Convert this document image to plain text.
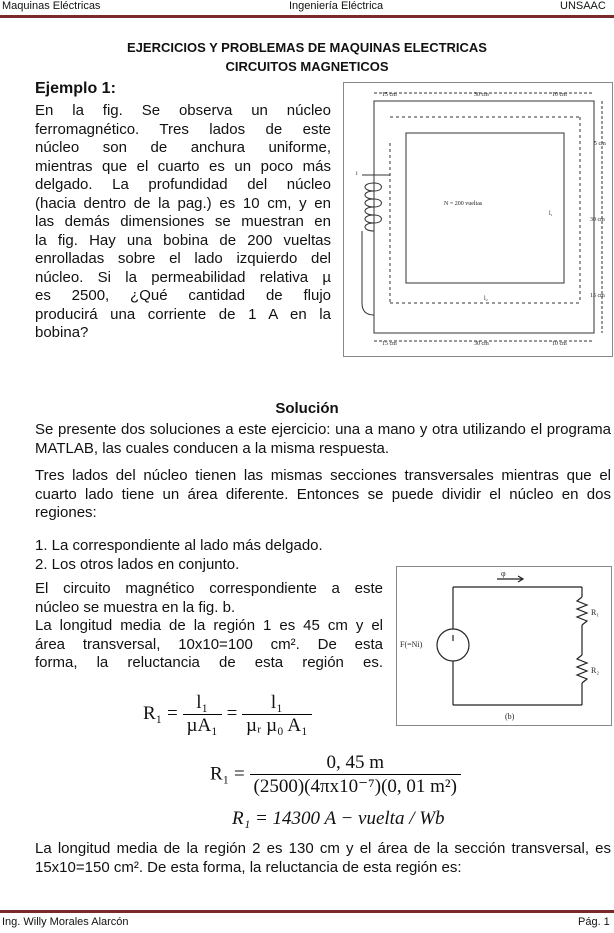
Maquinas Eléctricas	Ingeniería Eléctrica	UNSAAC
EJERCICIOS Y PROBLEMAS DE MAQUINAS ELECTRICAS
CIRCUITOS MAGNETICOS
Ejemplo 1:
En la fig. Se observa un núcleo
ferromagnético. Tres lados de este
núcleo son de anchura uniforme,
mientras que el cuarto es un poco más
delgado. La profundidad del núcleo
(hacia dentro de la pag.) es 10 cm, y en
las demás dimensiones se muestran en
la fig. Hay una bobina de 200 vueltas
enrolladas sobre el lado izquierdo del
núcleo. Si la permeabilidad relativa µ
es 2500, ¿Qué cantidad de flujo
producirá una corriente de 1 A en la
bobina?
15 cm	30 cm	10 cm
15 cm	30 cm	10 cm
5 cm
30 cm
15 cm
N = 200 vueltas
l₁
l₂
i
Solución
Se presente dos soluciones a este ejercicio: una a mano y otra utilizando el programa MATLAB, las cuales conducen a la misma respuesta.
Tres lados del núcleo tienen las mismas secciones transversales mientras que el cuarto lado tiene un área diferente. Entonces se puede dividir el núcleo en dos regiones:
1. La correspondiente al lado más delgado.
2. Los otros lados en conjunto.
El circuito magnético correspondiente a este
núcleo se muestra en la fig. b.
La longitud media de la región 1 es 45 cm y el
área transversal, 10x10=100 cm². De esta
forma, la reluctancia de esta región es.
φ
F(=Ni)
R₁
R₂
(b)
$R_1 = \frac{\text{l₁}}{\text{µA₁}} = \frac{\text{l₁}}{\text{µᵣ µ₀ A₁}}$
$R_1 = \frac{0, 45 m}{\text{(2500)(4πx10⁻⁷)(0, 01 m²)}}$
R₁ = 14300 A − vuelta / Wb
La longitud media de la región 2 es 130 cm y el área de la sección transversal, es 15x10=150 cm². De esta forma, la reluctancia de esta región es:
Ing. Willy Morales Alarcón	Pág. 1
